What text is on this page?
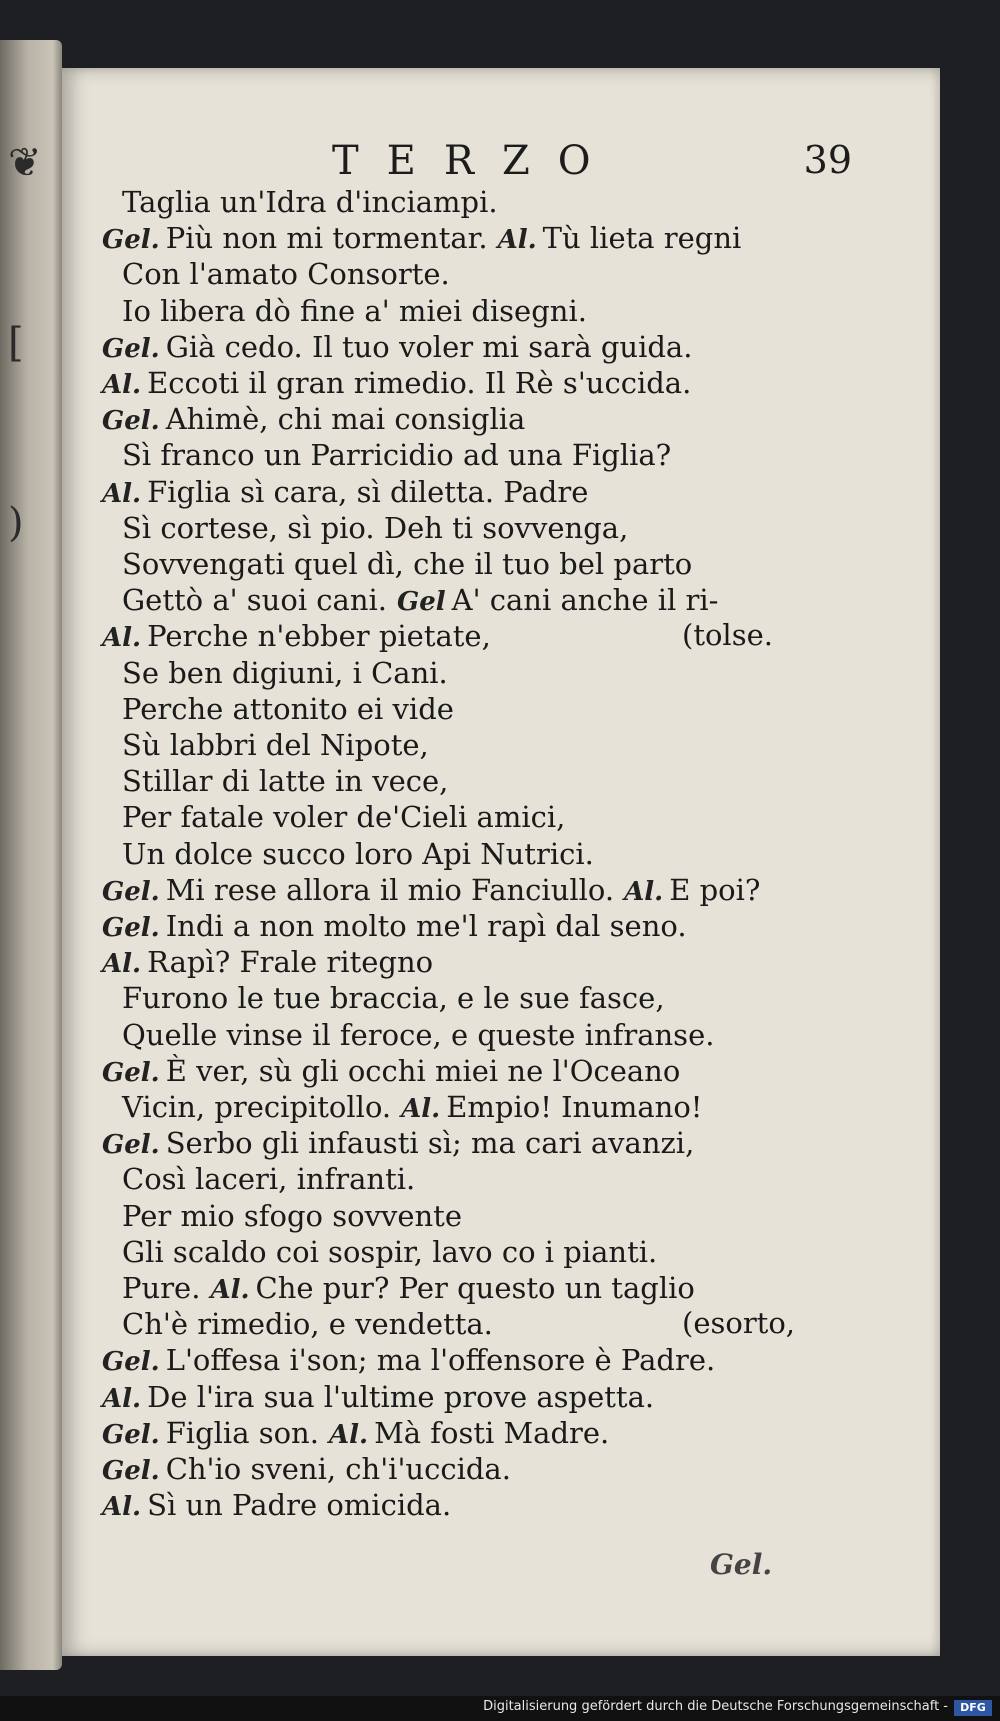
❦
[
)
TERZO	39
Taglia un'Idra d'inciampi.
Gel. Più non mi tormentar. Al. Tù lieta regni
Con l'amato Consorte.
Io libera dò fine a' miei disegni.
Gel. Già cedo. Il tuo voler mi sarà guida.
Al. Eccoti il gran rimedio. Il Rè s'uccida.
Gel. Ahimè, chi mai consiglia
Sì franco un Parricidio ad una Figlia?
Al. Figlia sì cara, sì diletta. Padre
Sì cortese, sì pio. Deh ti sovvenga,
Sovvengati quel dì, che il tuo bel parto
Gettò a' suoi cani. Gel A' cani anche il ri-
Al. Perche n'ebber pietate,	(tolse.
Se ben digiuni, i Cani.
Perche attonito ei vide
Sù labbri del Nipote,
Stillar di latte in vece,
Per fatale voler de'Cieli amici,
Un dolce succo loro Api Nutrici.
Gel. Mi rese allora il mio Fanciullo. Al. E poi?
Gel. Indi a non molto me'l rapì dal seno.
Al. Rapì? Frale ritegno
Furono le tue braccia, e le sue fasce,
Quelle vinse il feroce, e queste infranse.
Gel. È ver, sù gli occhi miei ne l'Oceano
Vicin, precipitollo. Al. Empio! Inumano!
Gel. Serbo gli infausti sì; ma cari avanzi,
Così laceri, infranti.
Per mio sfogo sovvente
Gli scaldo coi sospir, lavo co i pianti.
Pure. Al. Che pur? Per questo un taglio
Ch'è rimedio, e vendetta.	(esorto,
Gel. L'offesa i'son; ma l'offensore è Padre.
Al. De l'ira sua l'ultime prove aspetta.
Gel. Figlia son. Al. Mà fosti Madre.
Gel. Ch'io sveni, ch'i'uccida.
Al. Sì un Padre omicida.
Gel.
Digitalisierung gefördert durch die Deutsche Forschungsgemeinschaft -	DFG
